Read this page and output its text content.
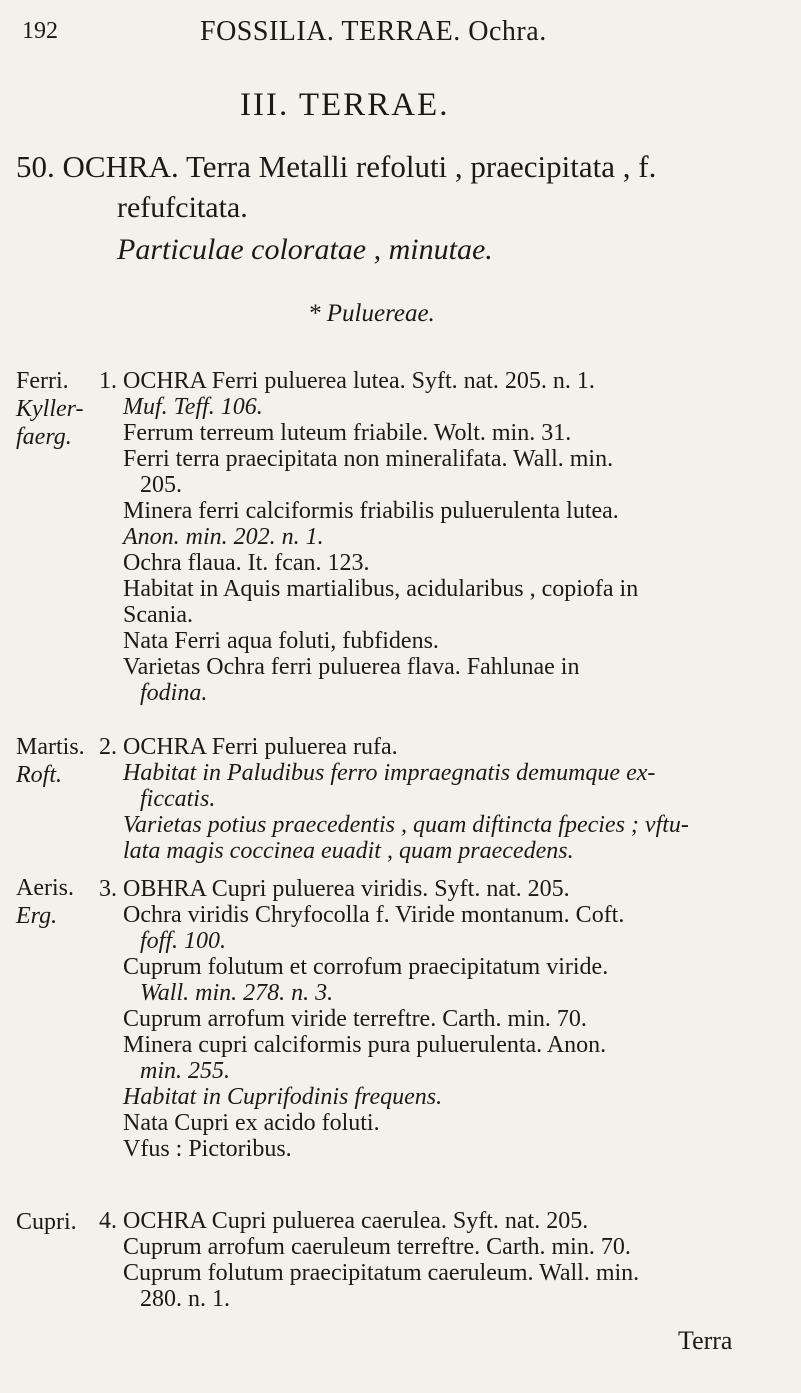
192	FOSSILIA. TERRAE. Ochra.
III. TERRAE.
50. OCHRA. Terra Metalli refoluti , praecipitata , f.
refufcitata.
Particulae coloratae , minutae.
* Puluereae.
Ferri.
Kyller-
faerg.
Martis.
Roft.
Aeris.
Erg.
Cupri.
1. OCHRA Ferri puluerea lutea. Syft. nat. 205. n. 1.
Muf. Teff. 106.
Ferrum terreum luteum friabile. Wolt. min. 31.
Ferri terra praecipitata non mineralifata. Wall. min.
205.
Minera ferri calciformis friabilis puluerulenta lutea.
Anon. min. 202. n. 1.
Ochra flaua. It. fcan. 123.
Habitat in Aquis martialibus, acidularibus , copiofa in
Scania.
Nata Ferri aqua foluti, fubfidens.
Varietas Ochra ferri puluerea flava. Fahlunae in
fodina.
2. OCHRA Ferri puluerea rufa.
Habitat in Paludibus ferro impraegnatis demumque ex-
ficcatis.
Varietas potius praecedentis , quam diftincta fpecies ; vftu-
lata magis coccinea euadit , quam praecedens.
3. OBHRA Cupri puluerea viridis. Syft. nat. 205.
Ochra viridis Chryfocolla f. Viride montanum. Coft.
foff. 100.
Cuprum folutum et corrofum praecipitatum viride.
Wall. min. 278. n. 3.
Cuprum arrofum viride terreftre. Carth. min. 70.
Minera cupri calciformis pura puluerulenta. Anon.
min. 255.
Habitat in Cuprifodinis frequens.
Nata Cupri ex acido foluti.
Vfus : Pictoribus.
4. OCHRA Cupri puluerea caerulea. Syft. nat. 205.
Cuprum arrofum caeruleum terreftre. Carth. min. 70.
Cuprum folutum praecipitatum caeruleum. Wall. min.
280. n. 1.
Terra
